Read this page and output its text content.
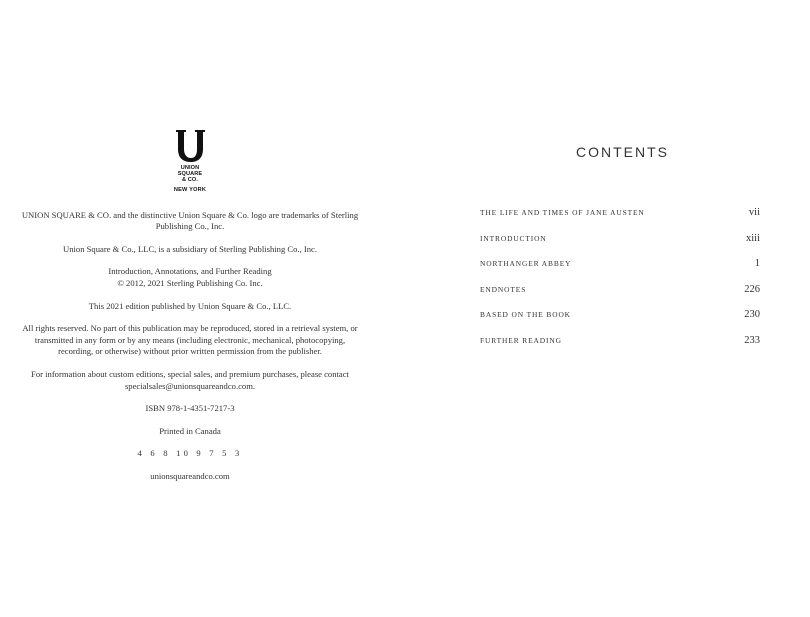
UNION
SQUARE
& CO.
NEW YORK

UNION SQUARE & CO. and the distinctive Union Square & Co. logo are trademarks of Sterling Publishing Co., Inc.

Union Square & Co., LLC, is a subsidiary of Sterling Publishing Co., Inc.

Introduction, Annotations, and Further Reading
© 2012, 2021 Sterling Publishing Co. Inc.

This 2021 edition published by Union Square & Co., LLC.

All rights reserved. No part of this publication may be reproduced, stored in a retrieval system, or transmitted in any form or by any means (including electronic, mechanical, photocopying, recording, or otherwise) without prior written permission from the publisher.

For information about custom editions, special sales, and premium purchases, please contact specialsales@unionsquareandco.com.

ISBN 978-1-4351-7217-3

Printed in Canada

4 6 8 10 9 7 5 3

unionsquareandco.com

CONTENTS
THE LIFE AND TIMES OF JANE AUSTEN	vii
INTRODUCTION	xiii
NORTHANGER ABBEY	1
ENDNOTES	226
BASED ON THE BOOK	230
FURTHER READING	233
